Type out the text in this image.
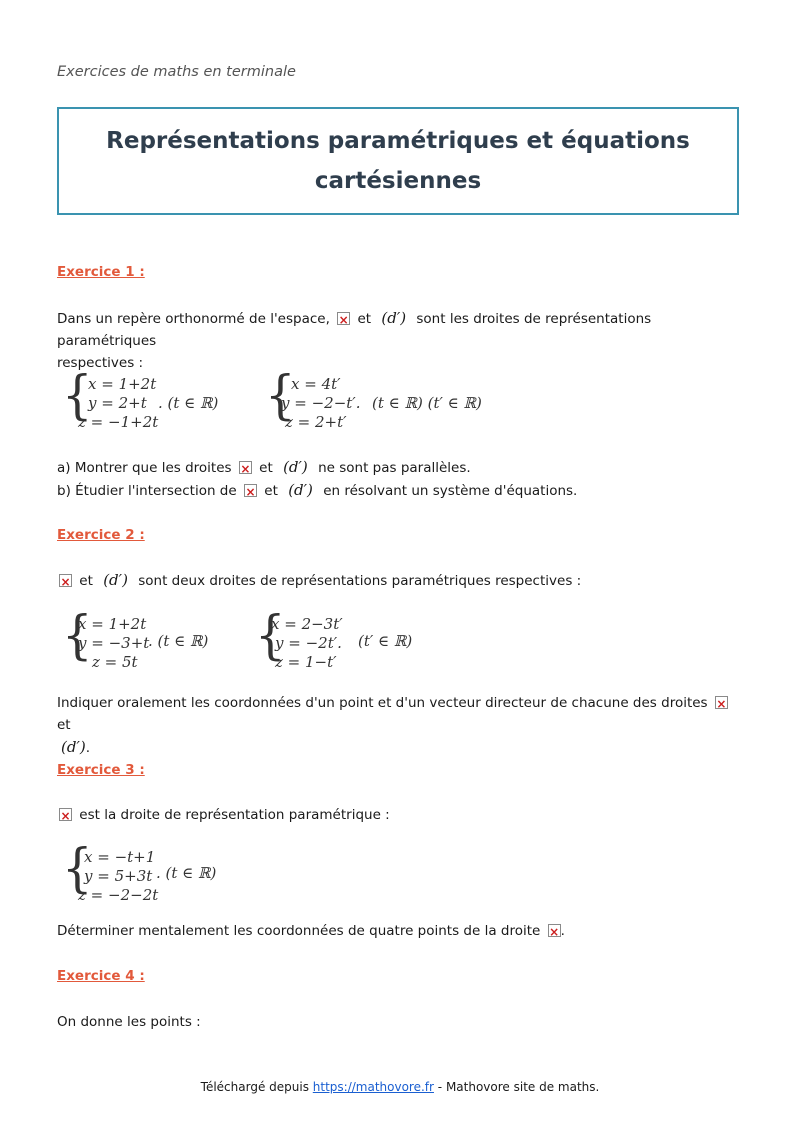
Exercices de maths en terminale
Représentations paramétriques et équations cartésiennes
Exercice 1 :
Dans un repère orthonormé de l'espace, × et (d′) sont les droites de représentations paramétriques
respectives :
{
x = 1+2t
y = 2+t
z = −1+2t
. (t ∈ ℝ) {
x = 4t′
y = −2−t′.
z = 2+t′
(t ∈ ℝ) (t′ ∈ ℝ)
a) Montrer que les droites × et (d′) ne sont pas parallèles.
b) Étudier l'intersection de × et (d′) en résolvant un système d'équations.
Exercice 2 :
× et (d′) sont deux droites de représentations paramétriques respectives :
{
x = 1+2t
y = −3+t
z = 5t
. (t ∈ ℝ) {
x = 2−3t′
y = −2t′.
z = 1−t′
(t′ ∈ ℝ)
Indiquer oralement les coordonnées d'un point et d'un vecteur directeur de chacune des droites × et
(d′).
Exercice 3 :
× est la droite de représentation paramétrique :
{
x = −t+1
y = 5+3t
z = −2−2t
. (t ∈ ℝ)
Déterminer mentalement les coordonnées de quatre points de la droite × .
Exercice 4 :
On donne les points :
Téléchargé depuis https://mathovore.fr - Mathovore site de maths.
